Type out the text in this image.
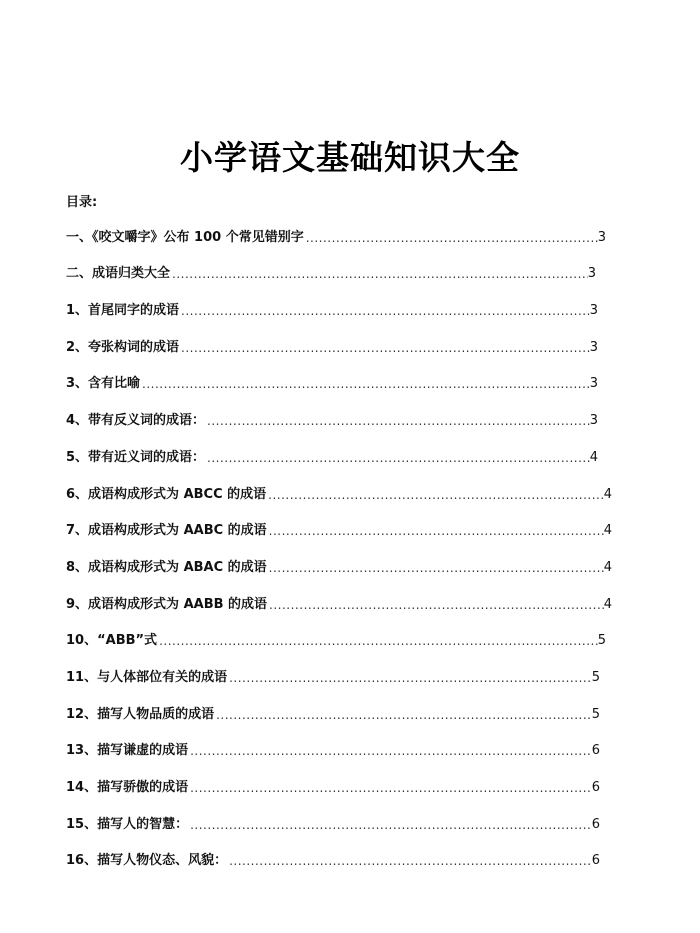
小学语文基础知识大全
目录:
一、《咬文嚼字》公布 100 个常见错别字 .....	3
二、成语归类大全 .....	3
1、首尾同字的成语 .....	3
2、夸张构词的成语 .....	3
3、含有比喻 .....	3
4、带有反义词的成语： .....	3
5、带有近义词的成语： .....	4
6、成语构成形式为 ABCC 的成语 .....	4
7、成语构成形式为 AABC 的成语 .....	4
8、成语构成形式为 ABAC 的成语 .....	4
9、成语构成形式为 AABB 的成语 .....	4
10、“ABB”式 .....	5
11、与人体部位有关的成语 .....	5
12、描写人物品质的成语 .....	5
13、描写谦虚的成语 .....	6
14、描写骄傲的成语 .....	6
15、描写人的智慧： .....	6
16、描写人物仪态、风貌： .....	6
